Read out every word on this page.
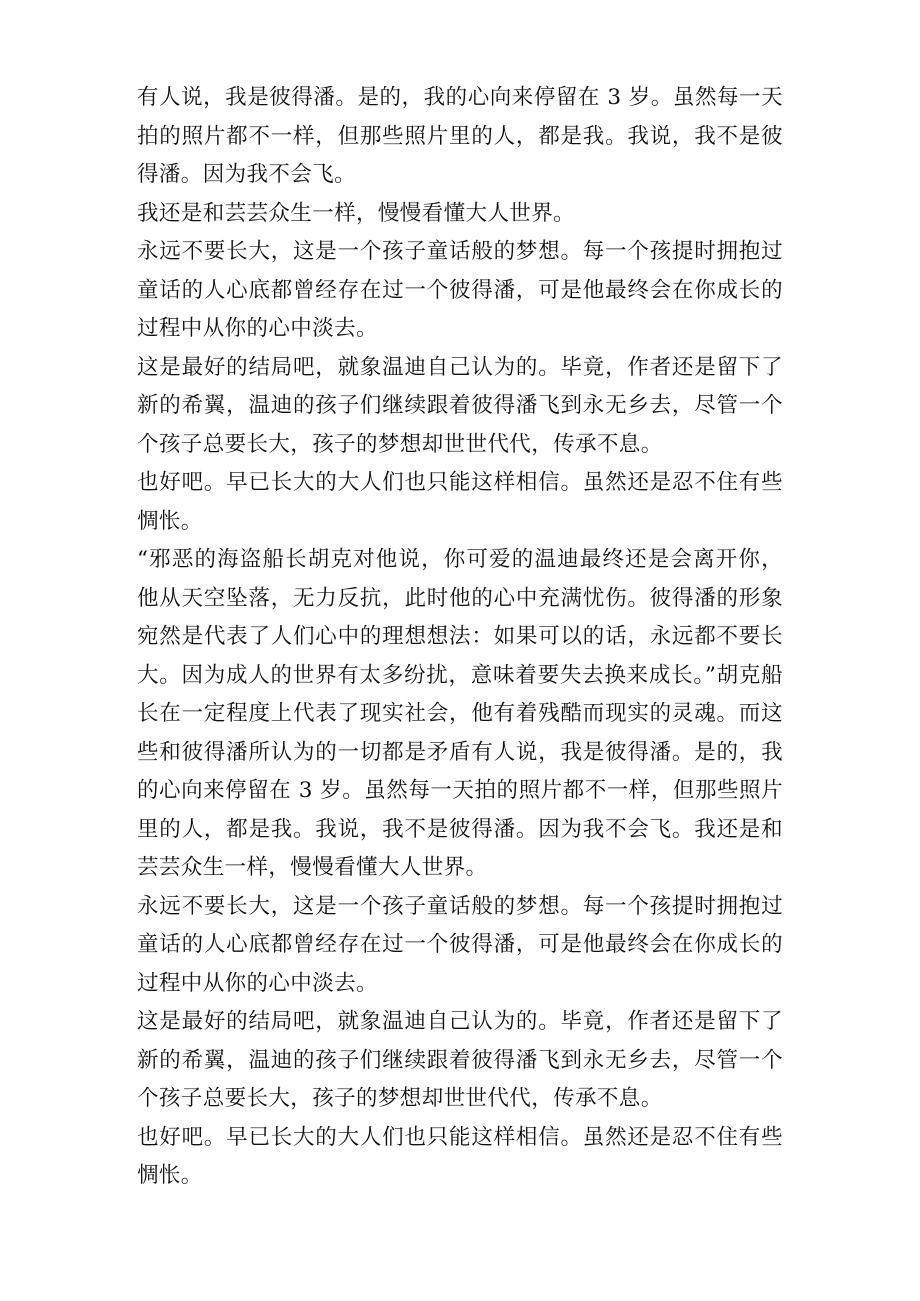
有人说，我是彼得潘。是的，我的心向来停留在 3 岁。虽然每一天拍的照片都不一样，但那些照片里的人，都是我。我说，我不是彼得潘。因为我不会飞。

我还是和芸芸众生一样，慢慢看懂大人世界。

永远不要长大，这是一个孩子童话般的梦想。每一个孩提时拥抱过童话的人心底都曾经存在过一个彼得潘，可是他最终会在你成长的过程中从你的心中淡去。

这是最好的结局吧，就象温迪自己认为的。毕竟，作者还是留下了新的希翼，温迪的孩子们继续跟着彼得潘飞到永无乡去，尽管一个个孩子总要长大，孩子的梦想却世世代代，传承不息。

也好吧。早已长大的大人们也只能这样相信。虽然还是忍不住有些惆怅。

“邪恶的海盗船长胡克对他说，你可爱的温迪最终还是会离开你，他从天空坠落，无力反抗，此时他的心中充满忧伤。彼得潘的形象宛然是代表了人们心中的理想想法：如果可以的话，永远都不要长大。因为成人的世界有太多纷扰，意味着要失去换来成长。”胡克船长在一定程度上代表了现实社会，他有着残酷而现实的灵魂。而这些和彼得潘所认为的一切都是矛盾有人说，我是彼得潘。是的，我的心向来停留在 3 岁。虽然每一天拍的照片都不一样，但那些照片里的人，都是我。我说，我不是彼得潘。因为我不会飞。我还是和芸芸众生一样，慢慢看懂大人世界。

永远不要长大，这是一个孩子童话般的梦想。每一个孩提时拥抱过童话的人心底都曾经存在过一个彼得潘，可是他最终会在你成长的过程中从你的心中淡去。

这是最好的结局吧，就象温迪自己认为的。毕竟，作者还是留下了新的希翼，温迪的孩子们继续跟着彼得潘飞到永无乡去，尽管一个个孩子总要长大，孩子的梦想却世世代代，传承不息。

也好吧。早已长大的大人们也只能这样相信。虽然还是忍不住有些惆怅。
